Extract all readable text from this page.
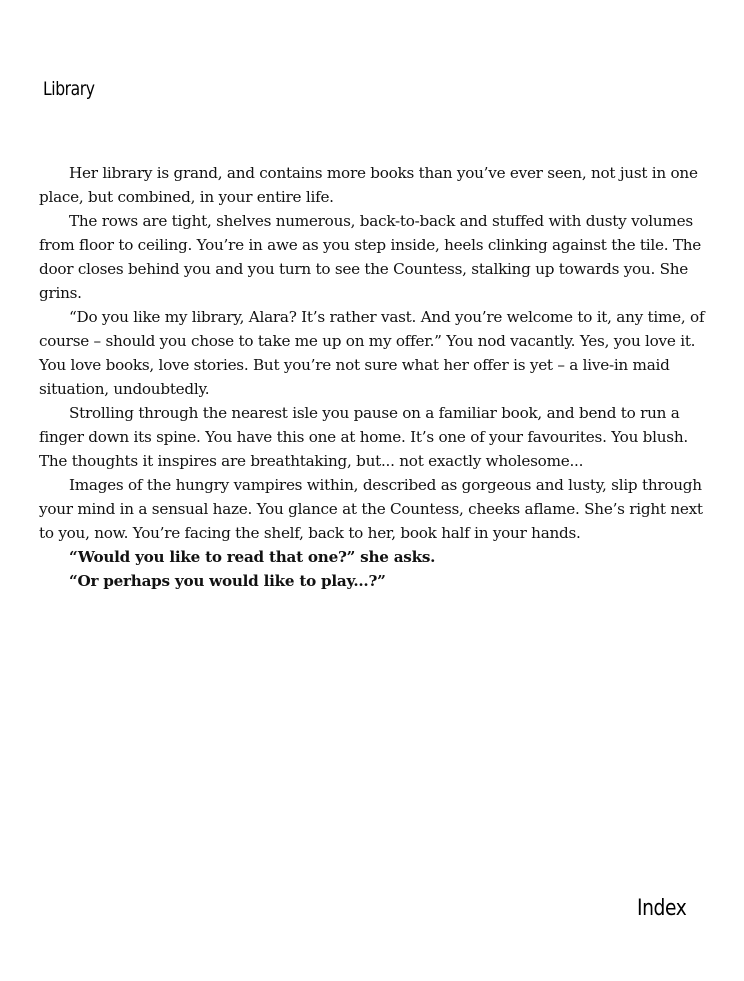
Library

Her library is grand, and contains more books than you’ve ever seen, not just in one place, but combined, in your entire life.

The rows are tight, shelves numerous, back-to-back and stuffed with dusty volumes from floor to ceiling. You’re in awe as you step inside, heels clinking against the tile. The door closes behind you and you turn to see the Countess, stalking up towards you. She grins.

“Do you like my library, Alara? It’s rather vast. And you’re welcome to it, any time, of course – should you chose to take me up on my offer.” You nod vacantly. Yes, you love it. You love books, love stories. But you’re not sure what her offer is yet – a live-in maid situation, undoubtedly.

Strolling through the nearest isle you pause on a familiar book, and bend to run a finger down its spine. You have this one at home. It’s one of your favourites. You blush. The thoughts it inspires are breathtaking, but... not exactly wholesome...

Images of the hungry vampires within, described as gorgeous and lusty, slip through your mind in a sensual haze. You glance at the Countess, cheeks aflame. She’s right next to you, now. You’re facing the shelf, back to her, book half in your hands.

“Would you like to read that one?” she asks.

“Or perhaps you would like to play...?”

Index
